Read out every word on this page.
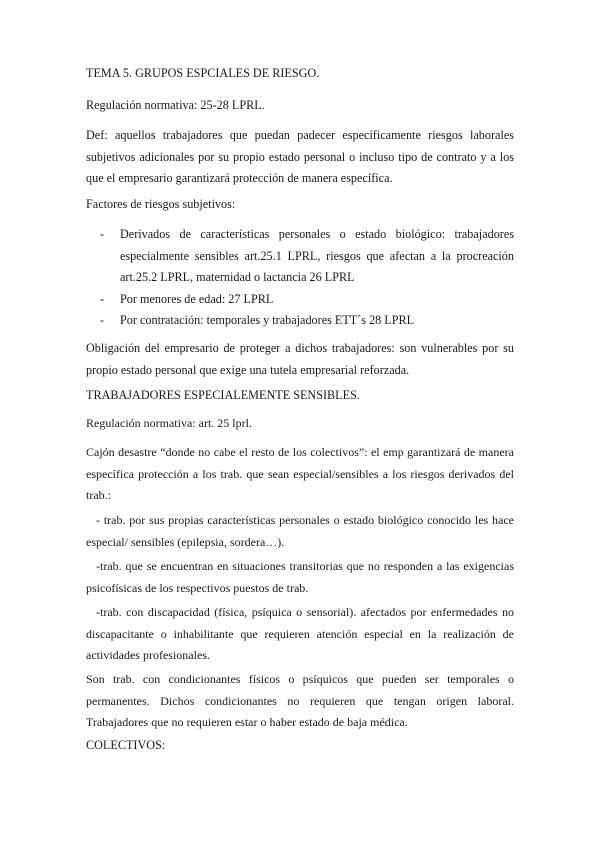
TEMA 5. GRUPOS ESPCIALES DE RIESGO.

Regulación normativa: 25-28 LPRL.

Def: aquellos trabajadores que puedan padecer específicamente riesgos laborales subjetivos adicionales por su propio estado personal o incluso tipo de contrato y a los que el empresario garantizará protección de manera específica.

Factores de riesgos subjetivos:

- Derivados de características personales o estado biológico: trabajadores especialmente sensibles art.25.1 LPRL, riesgos que afectan a la procreación art.25.2 LPRL, maternidad o lactancia 26 LPRL
- Por menores de edad: 27 LPRL
- Por contratación: temporales y trabajadores ETT´s 28 LPRL

Obligación del empresario de proteger a dichos trabajadores: son vulnerables por su propio estado personal que exige una tutela empresarial reforzada.

TRABAJADORES ESPECIALEMENTE SENSIBLES.

Regulación normativa: art. 25 lprl.

Cajón desastre “donde no cabe el resto de los colectivos”: el emp garantizará de manera específica protección a los trab. que sean especial/sensibles a los riesgos derivados del trab.:

- trab. por sus propias características personales o estado biológico conocido les hace especial/ sensibles (epilepsia, sordera…).

-trab. que se encuentran en situaciones transitorias que no responden a las exigencias psicofísicas de los respectivos puestos de trab.

-trab. con discapacidad (física, psíquica o sensorial). afectados por enfermedades no discapacitante o inhabilitante que requieren atención especial en la realización de actividades profesionales.

Son trab. con condicionantes físicos o psíquicos que pueden ser temporales o permanentes. Dichos condicionantes no requieren que tengan origen laboral. Trabajadores que no requieren estar o haber estado de baja médica.

COLECTIVOS:
